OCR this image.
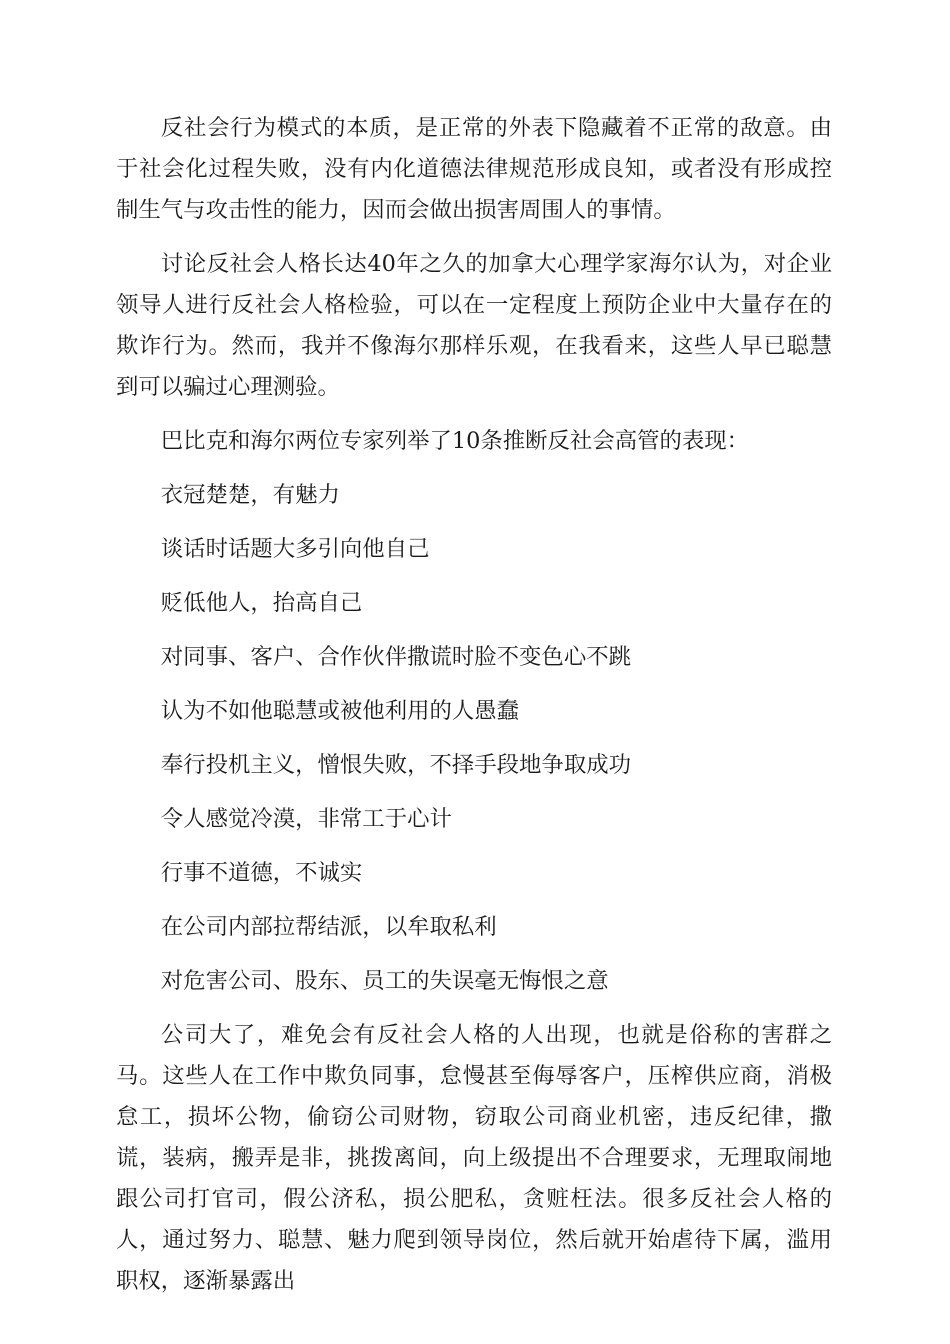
反社会行为模式的本质，是正常的外表下隐藏着不正常的敌意。由于社会化过程失败，没有内化道德法律规范形成良知，或者没有形成控制生气与攻击性的能力，因而会做出损害周围人的事情。

讨论反社会人格长达40年之久的加拿大心理学家海尔认为，对企业领导人进行反社会人格检验，可以在一定程度上预防企业中大量存在的欺诈行为。然而，我并不像海尔那样乐观，在我看来，这些人早已聪慧到可以骗过心理测验。

巴比克和海尔两位专家列举了10条推断反社会高管的表现：

衣冠楚楚，有魅力

谈话时话题大多引向他自己

贬低他人，抬高自己

对同事、客户、合作伙伴撒谎时脸不变色心不跳

认为不如他聪慧或被他利用的人愚蠢

奉行投机主义，憎恨失败，不择手段地争取成功

令人感觉冷漠，非常工于心计

行事不道德，不诚实

在公司内部拉帮结派，以牟取私利

对危害公司、股东、员工的失误毫无悔恨之意

公司大了，难免会有反社会人格的人出现，也就是俗称的害群之马。这些人在工作中欺负同事，怠慢甚至侮辱客户，压榨供应商，消极怠工，损坏公物，偷窃公司财物，窃取公司商业机密，违反纪律，撒谎，装病，搬弄是非，挑拨离间，向上级提出不合理要求，无理取闹地跟公司打官司，假公济私，损公肥私，贪赃枉法。很多反社会人格的人，通过努力、聪慧、魅力爬到领导岗位，然后就开始虐待下属，滥用职权，逐渐暴露出
